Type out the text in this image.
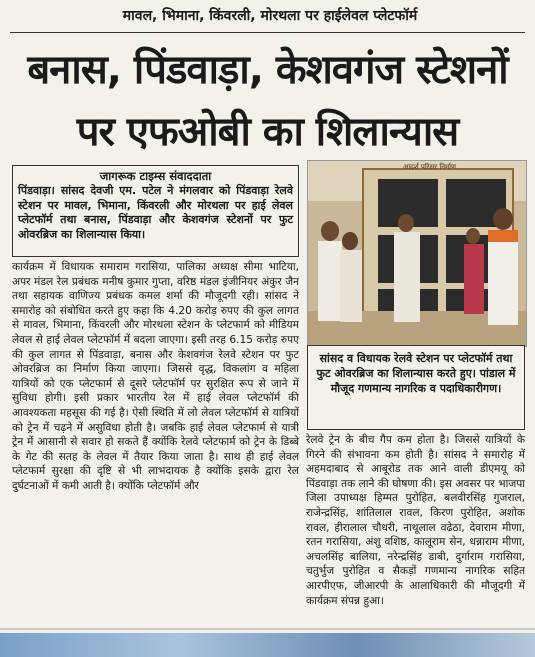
मावल, भिमाना, किंवरली, मोरथला पर हाईलेवल प्लेटफॉर्म
बनास, पिंडवाड़ा, केशवगंज स्टेशनों
पर एफओबी का शिलान्यास
जागरूक टाइम्स संवाददाता
पिंडवाड़ा। सांसद देवजी एम. पटेल ने मंगलवार को पिंडवाड़ा रेलवे स्टेशन पर मावल, भिमाना, किंवरली और मोरथला पर हाई लेवल प्लेटफॉर्म तथा बनास, पिंडवाड़ा और केशवगंज स्टेशनों पर फुट ओवरब्रिज का शिलान्यास किया।
कार्यक्रम में विधायक समाराम गरासिया, पालिका अध्यक्ष सीमा भाटिया, अपर मंडल रेल प्रबंधक मनीष कुमार गुप्ता, वरिष्ठ मंडल इंजीनियर अंकुर जैन तथा सहायक वाणिज्य प्रबंधक कमल शर्मा की मौजूदगी रही। सांसद ने समारोह को संबोधित करते हुए कहा कि 4.20 करोड़ रुपए की कुल लागत से मावल, भिमाना, किंवरली और मोरथला स्टेशन के प्लेटफार्म को मीडियम लेवल से हाई लेवल प्लेटफॉर्म में बदला जाएगा। इसी तरह 6.15 करोड़ रुपए की कुल लागत से पिंडवाड़ा, बनास और केशवगंज रेलवे स्टेशन पर फुट ओवरब्रिज का निर्माण किया जाएगा। जिससे वृद्ध, विकलांग व महिला यात्रियों को एक प्लेटफार्म से दूसरे प्लेटफॉर्म पर सुरक्षित रूप से जाने में सुविधा होगी। इसी प्रकार भारतीय रेल में हाई लेवल प्लेटफॉर्म की आवश्यकता महसूस की गई है। ऐसी स्थिति में लो लेवल प्लेटफॉर्म से यात्रियों को ट्रेन में चढ़ने में असुविधा होती है। जबकि हाई लेवल प्लेटफार्म से यात्री ट्रेन में आसानी से सवार हो सकते हैं क्योंकि रेलवे प्लेटफार्म को ट्रेन के डिब्बे के गेट की सतह के लेवल में तैयार किया जाता है। साथ ही हाई लेवल प्लेटफार्म सुरक्षा की दृष्टि से भी लाभदायक है क्योंकि इसके द्वारा रेल दुर्घटनाओं में कमी आती है। क्योंकि प्लेटफॉर्म और
आदर्श परिसर निर्माण
सांसद व विधायक रेलवे स्टेशन पर प्लेटफॉर्म तथा फुट ओवरब्रिज का शिलान्यास करते हुए। पांडाल में मौजूद गणमान्य नागरिक व पदाधिकारीगण।
रेलवे ट्रेन के बीच गैप कम होता है। जिससे यात्रियों के गिरने की संभावना कम होती है। सांसद ने समारोह में अहमदाबाद से आबूरोड तक आने वाली डीएमयू को पिंडवाड़ा तक लाने की घोषणा की। इस अवसर पर भाजपा जिला उपाध्यक्ष हिम्मत पुरोहित, बलवीरसिंह गुजराल, राजेन्द्रसिंह, शांतिलाल रावल, किरण पुरोहित, अशोक रावल, हीरालाल चौधरी, नाथूलाल वढेठा, देवाराम मीणा, रतन गरासिया, अंशु वशिष्ठ, कालूराम सेन, धन्नाराम मीणा, अचलसिंह बालिया, नरेन्द्रसिंह डाबी, दुर्गाराम गरासिया, चतुर्भुज पुरोहित व सैकड़ों गणमान्य नागरिक सहित आरपीएफ, जीआरपी के आलाधिकारी की मौजूदगी में कार्यक्रम संपन्न हुआ।
